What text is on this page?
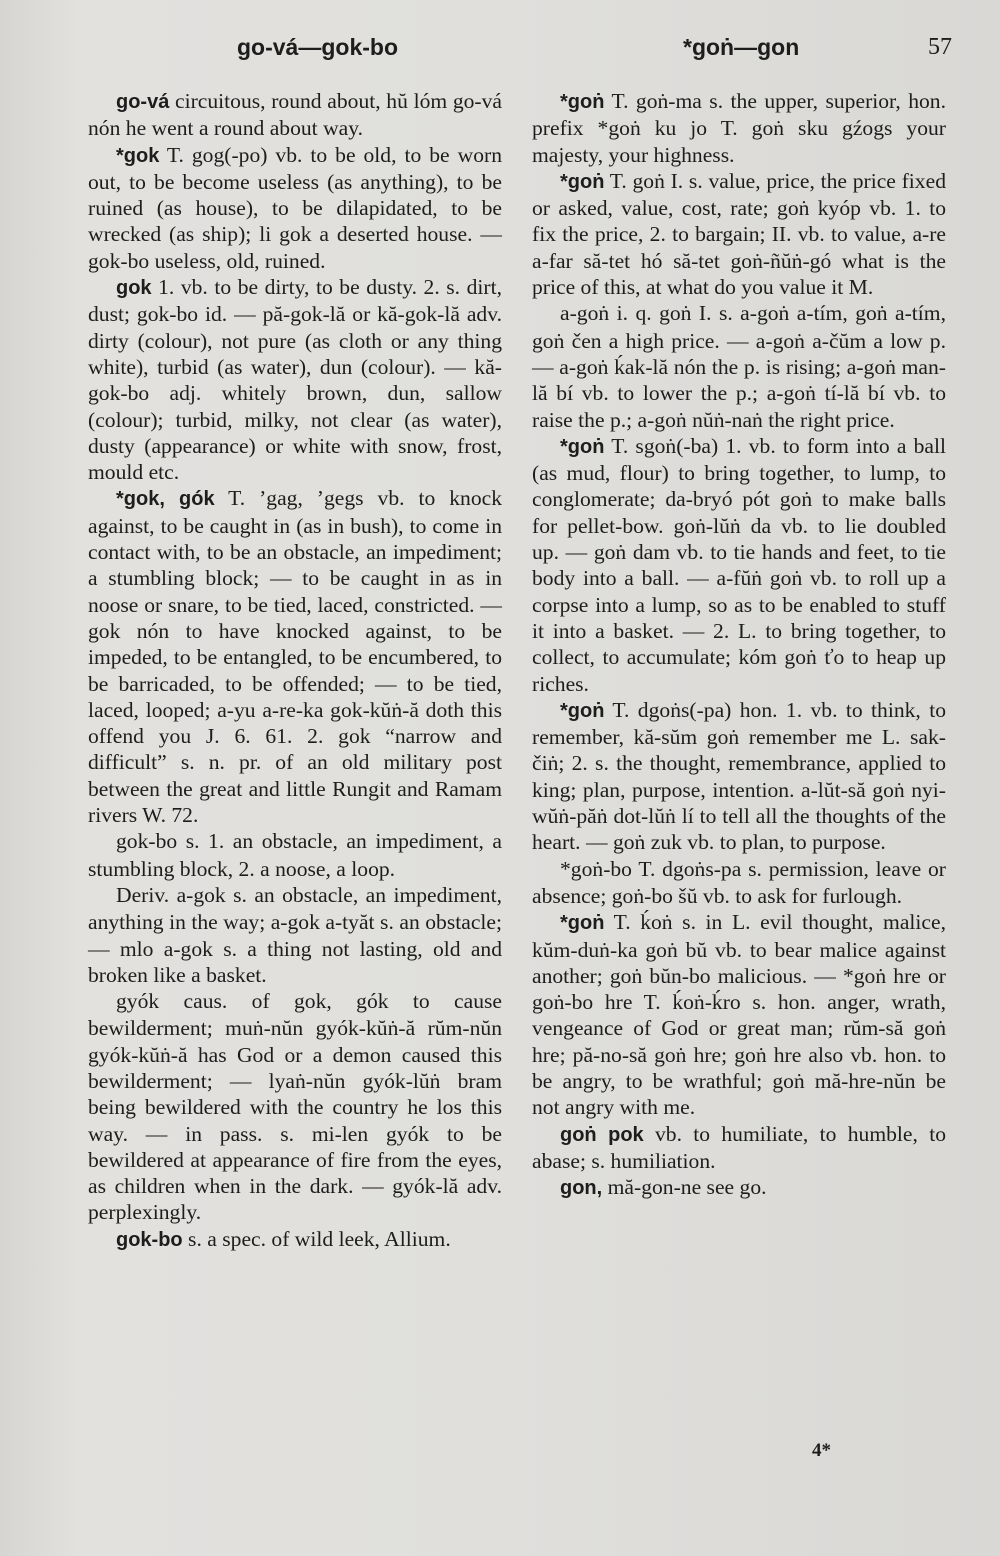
go-vá—gok-bo	*goṅ—gon	57

go-vá circuitous, round about, hŭ lóm go-vá nón he went a round about way.

*gok T. gog(-po) vb. to be old, to be worn out, to be become useless (as anything), to be ruined (as house), to be dilapidated, to be wrecked (as ship); li gok a deserted house. — gok-bo useless, old, ruined.

gok 1. vb. to be dirty, to be dusty. 2. s. dirt, dust; gok-bo id. — pă-gok-lă or kă-gok-lă adv. dirty (colour), not pure (as cloth or any thing white), turbid (as water), dun (colour). — kă-gok-bo adj. whitely brown, dun, sallow (colour); turbid, milky, not clear (as water), dusty (appearance) or white with snow, frost, mould etc.

*gok, gók T. ’gag, ’gegs vb. to knock against, to be caught in (as in bush), to come in contact with, to be an obstacle, an impediment; a stumbling block; — to be caught in as in noose or snare, to be tied, laced, constricted. — gok nón to have knocked against, to be impeded, to be entangled, to be encumbered, to be barricaded, to be offended; — to be tied, laced, looped; a-yu a-re-ka gok-kŭṅ-ă doth this offend you J. 6. 61. 2. gok “narrow and difficult” s. n. pr. of an old military post between the great and little Rungit and Ramam rivers W. 72.

gok-bo s. 1. an obstacle, an impediment, a stumbling block, 2. a noose, a loop.

Deriv. a-gok s. an obstacle, an impediment, anything in the way; a-gok a-tyăt s. an obstacle; — mlo a-gok s. a thing not lasting, old and broken like a basket.

gyók caus. of gok, gók to cause bewilderment; muṅ-nŭn gyók-kŭṅ-ă rŭm-nŭn gyók-kŭṅ-ă has God or a demon caused this bewilderment; — lyaṅ-nŭn gyók-lŭṅ bram being bewildered with the country he los this way. — in pass. s. mi-len gyók to be bewildered at appearance of fire from the eyes, as children when in the dark. — gyók-lă adv. perplexingly.

gok-bo s. a spec. of wild leek, Allium.

*goṅ T. goṅ-ma s. the upper, superior, hon. prefix *goṅ ku jo T. goṅ sku gźogs your majesty, your highness.

*goṅ T. goṅ I. s. value, price, the price fixed or asked, value, cost, rate; goṅ kyóp vb. 1. to fix the price, 2. to bargain; II. vb. to value, a-re a-far să-tet hó să-tet goṅ-ñŭṅ-gó what is the price of this, at what do you value it M.

a-goṅ i. q. goṅ I. s. a-goṅ a-tím, goṅ a-tím, goṅ čen a high price. — a-goṅ a-čŭm a low p. — a-goṅ ḱak-lă nón the p. is rising; a-goṅ man-lă bí vb. to lower the p.; a-goṅ tí-lă bí vb. to raise the p.; a-goṅ nŭṅ-naṅ the right price.

*goṅ T. sgoṅ(-ba) 1. vb. to form into a ball (as mud, flour) to bring together, to lump, to conglomerate; da-bryó pót goṅ to make balls for pellet-bow. goṅ-lŭṅ da vb. to lie doubled up. — goṅ dam vb. to tie hands and feet, to tie body into a ball. — a-fŭṅ goṅ vb. to roll up a corpse into a lump, so as to be enabled to stuff it into a basket. — 2. L. to bring together, to collect, to accumulate; kóm goṅ ťo to heap up riches.

*goṅ T. dgoṅs(-pa) hon. 1. vb. to think, to remember, kă-sŭm goṅ remember me L. sak-čiṅ; 2. s. the thought, remembrance, applied to king; plan, purpose, intention. a-lŭt-să goṅ nyi-wŭṅ-păṅ dot-lŭṅ lí to tell all the thoughts of the heart. — goṅ zuk vb. to plan, to purpose.

*goṅ-bo T. dgoṅs-pa s. permission, leave or absence; goṅ-bo šŭ vb. to ask for furlough.

*goṅ T. ḱoṅ s. in L. evil thought, malice, kŭm-duṅ-ka goṅ bŭ vb. to bear malice against another; goṅ bŭn-bo malicious. — *goṅ hre or goṅ-bo hre T. ḱoṅ-ḱro s. hon. anger, wrath, vengeance of God or great man; rŭm-să goṅ hre; pă-no-să goṅ hre; goṅ hre also vb. hon. to be angry, to be wrathful; goṅ mă-hre-nŭn be not angry with me.

goṅ pok vb. to humiliate, to humble, to abase; s. humiliation.

gon, mă-gon-ne see go.

4*
